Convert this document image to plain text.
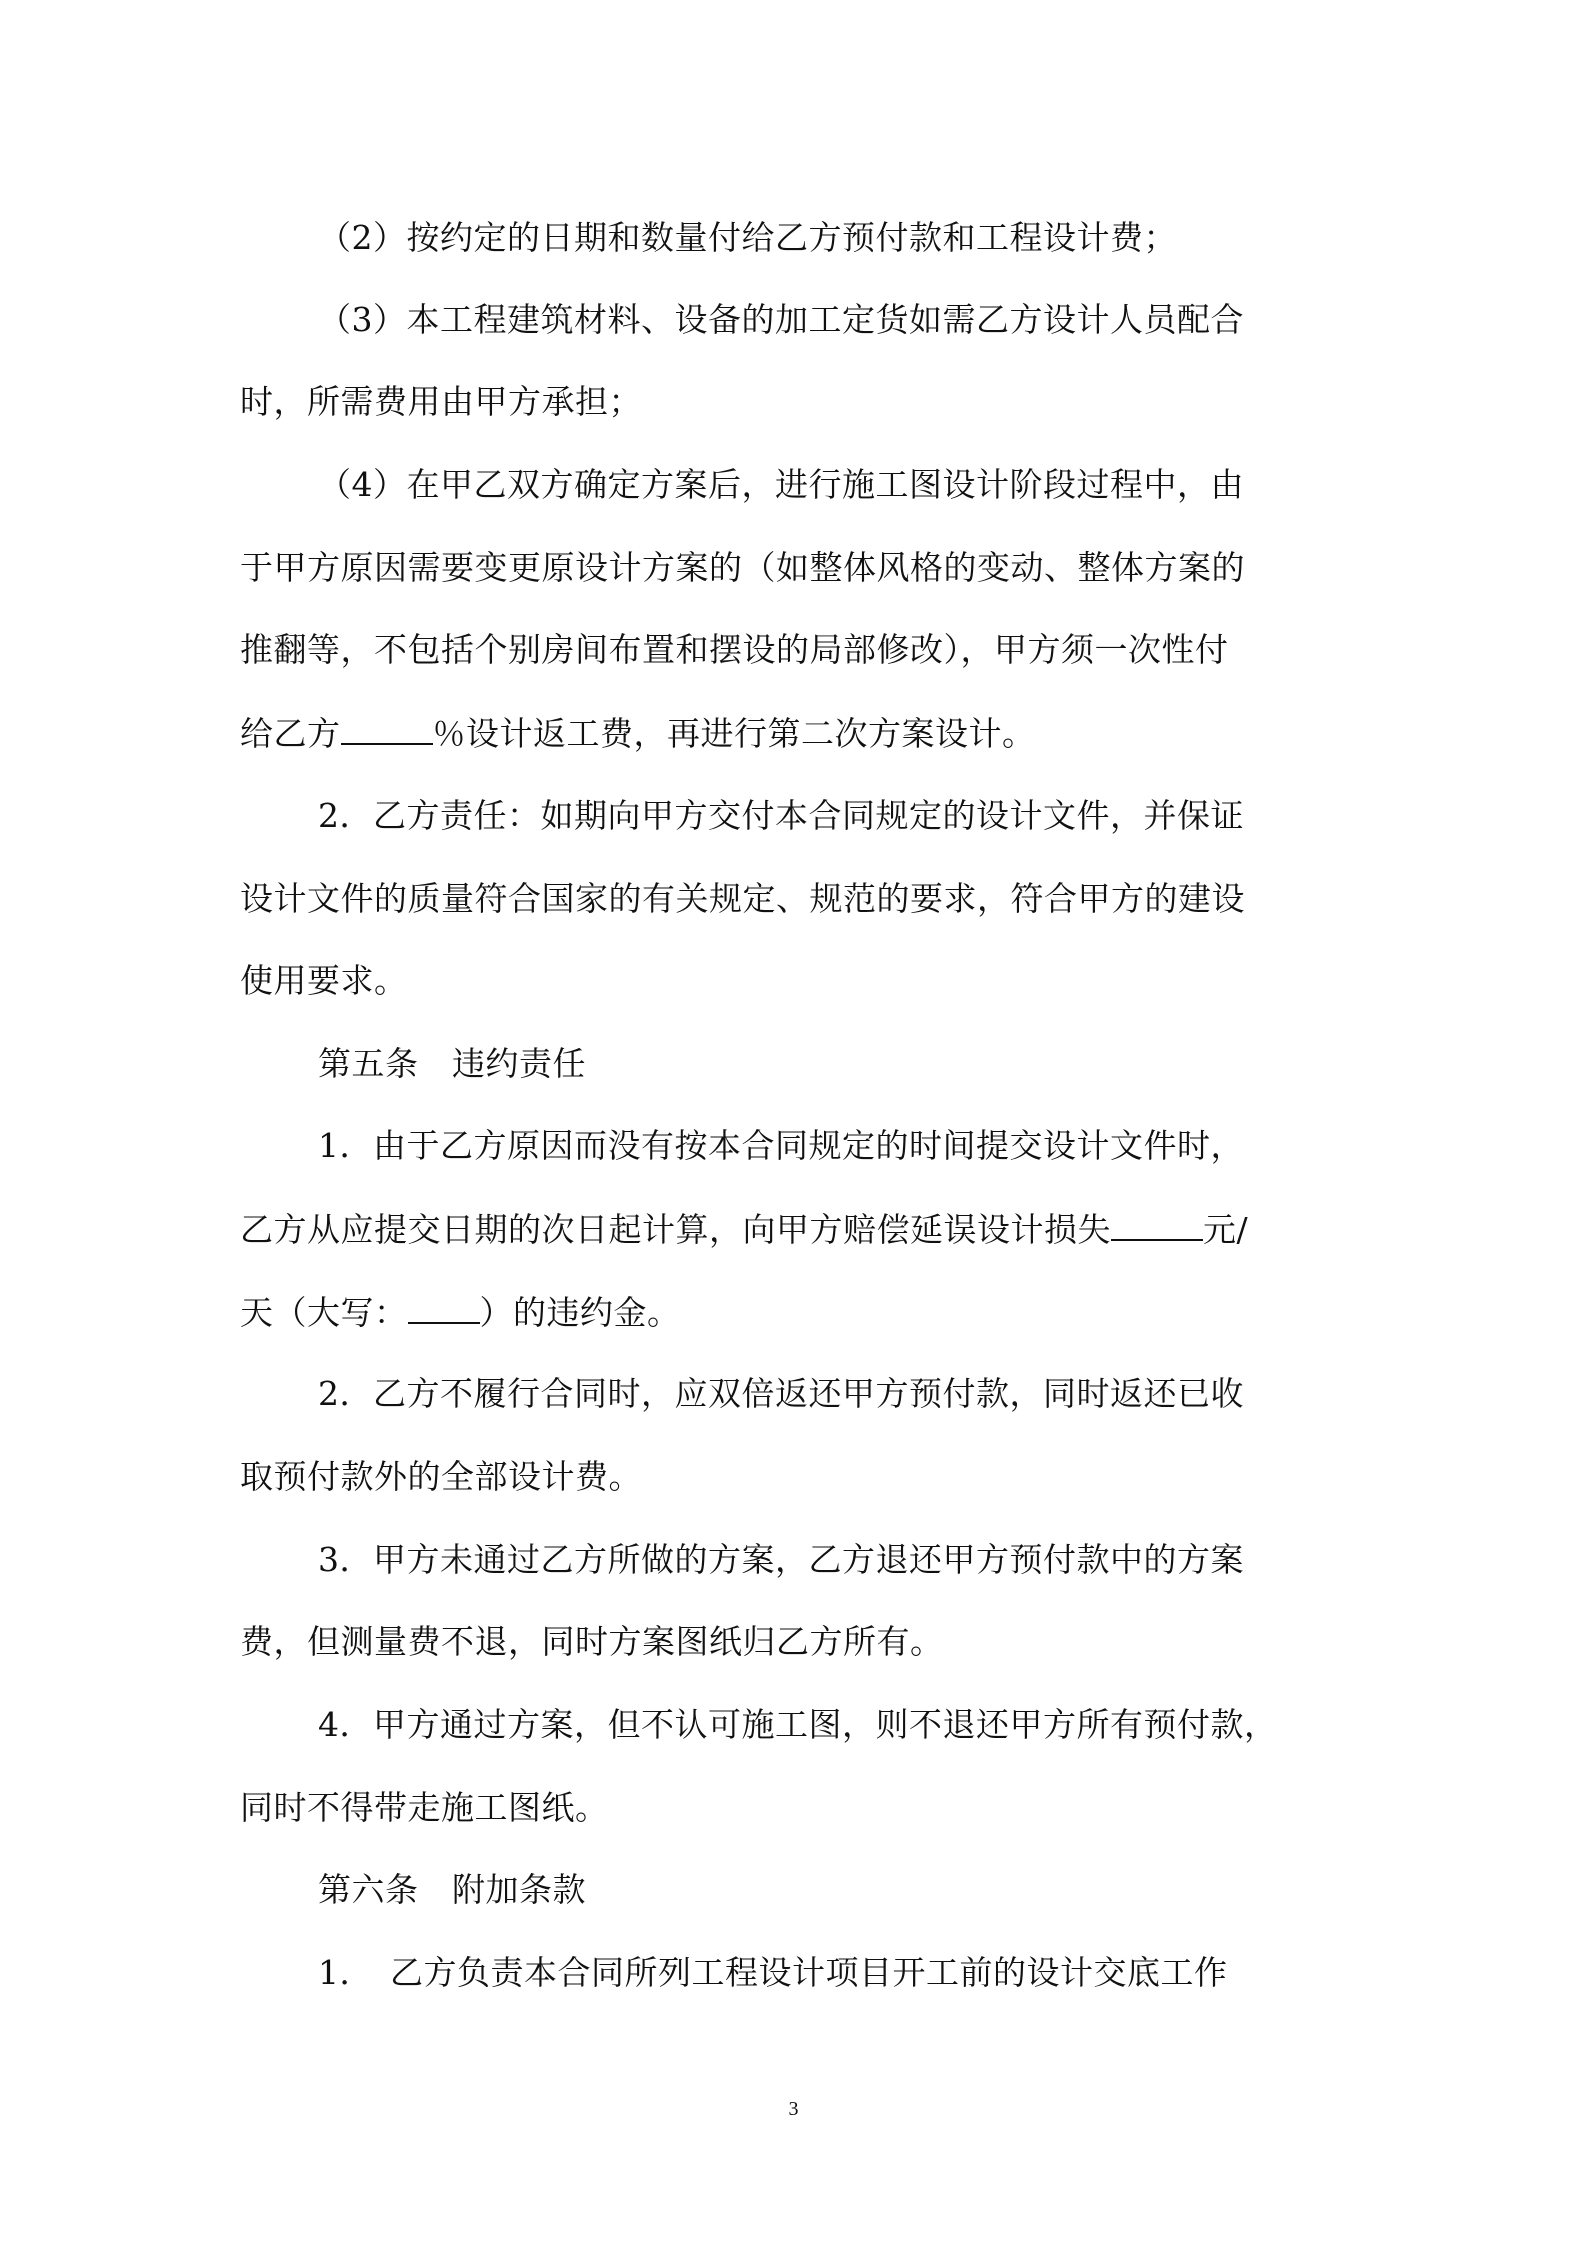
（2）按约定的日期和数量付给乙方预付款和工程设计费；
（3）本工程建筑材料、设备的加工定货如需乙方设计人员配合
时，所需费用由甲方承担；
（4）在甲乙双方确定方案后，进行施工图设计阶段过程中，由
于甲方原因需要变更原设计方案的（如整体风格的变动、整体方案的
推翻等，不包括个别房间布置和摆设的局部修改），甲方须一次性付
给乙方	％设计返工费，再进行第二次方案设计。
2．乙方责任：如期向甲方交付本合同规定的设计文件，并保证
设计文件的质量符合国家的有关规定、规范的要求，符合甲方的建设
使用要求。
第五条　违约责任
1．由于乙方原因而没有按本合同规定的时间提交设计文件时，
乙方从应提交日期的次日起计算，向甲方赔偿延误设计损失	元/
天（大写： ）的违约金。
2．乙方不履行合同时，应双倍返还甲方预付款，同时返还已收
取预付款外的全部设计费。
3．甲方未通过乙方所做的方案，乙方退还甲方预付款中的方案
费，但测量费不退，同时方案图纸归乙方所有。
4．甲方通过方案，但不认可施工图，则不退还甲方所有预付款，
同时不得带走施工图纸。
第六条　附加条款
1．　乙方负责本合同所列工程设计项目开工前的设计交底工作
3
